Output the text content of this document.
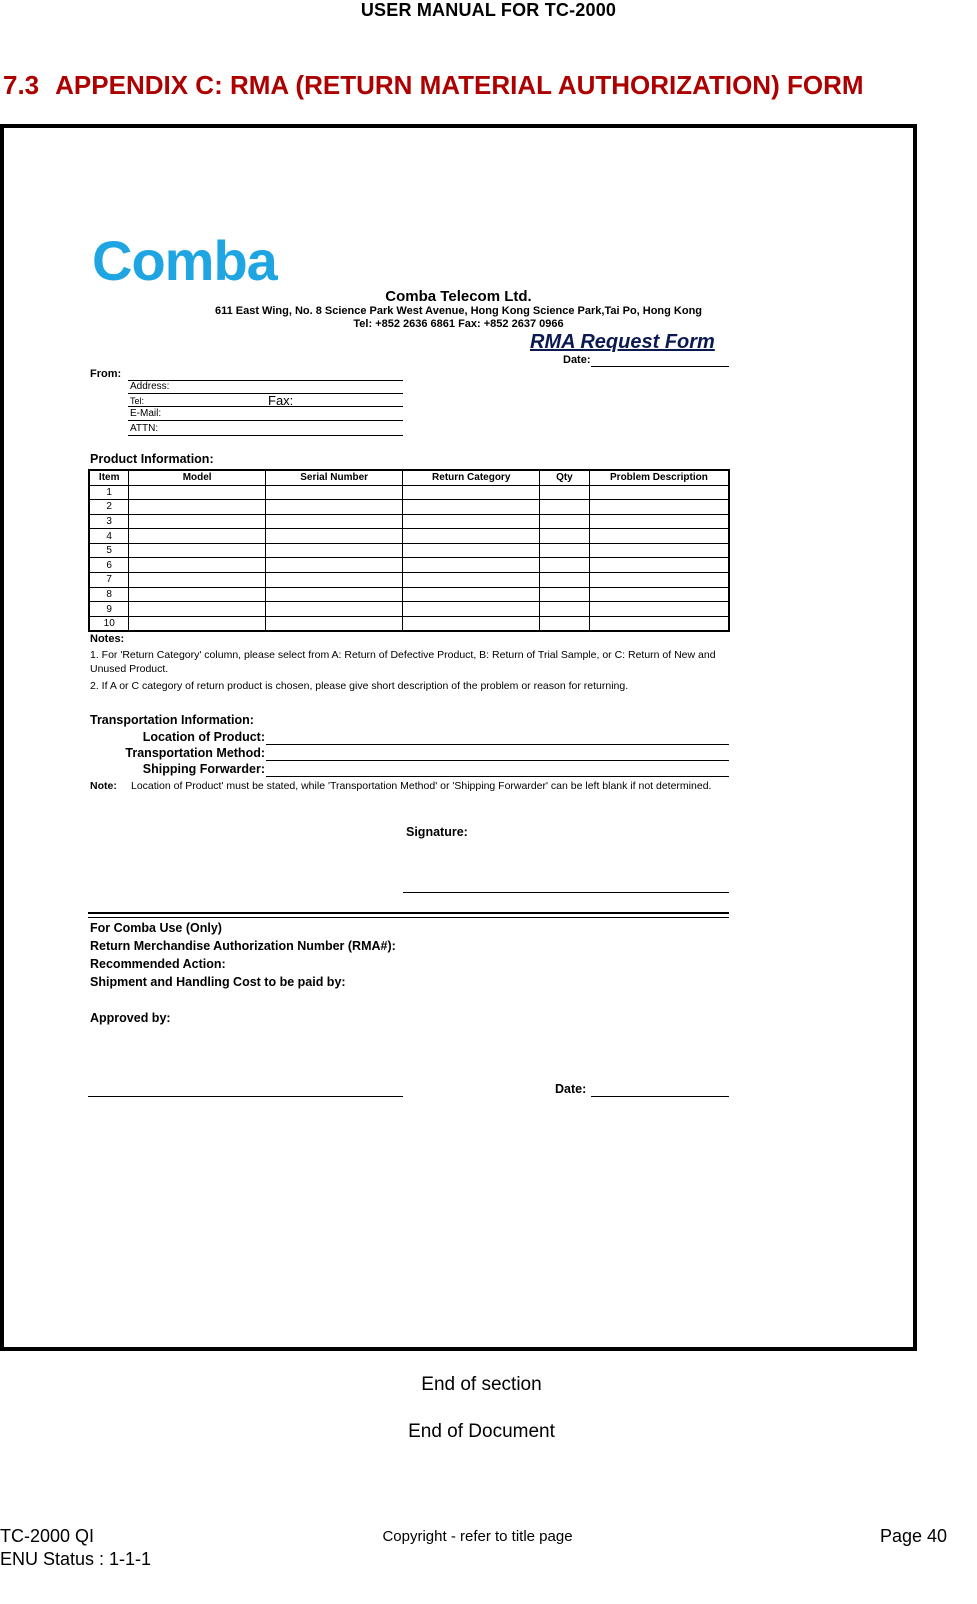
USER MANUAL FOR TC-2000
7.3 APPENDIX C: RMA (RETURN MATERIAL AUTHORIZATION) FORM
Comba
Comba Telecom Ltd.
611 East Wing, No. 8 Science Park West Avenue, Hong Kong Science Park,Tai Po, Hong Kong
Tel: +852 2636 6861 Fax: +852 2637 0966
RMA Request Form
Date:
From:
Address:
Tel:	Fax:
E-Mail:
ATTN:
Product Information:
Item	Model	Serial Number	Return Category	Qty	Problem Description
1					
2					
3					
4					
5					
6					
7					
8					
9					
10					
Notes:
1. For 'Return Category' column, please select from A: Return of Defective Product, B: Return of Trial Sample, or C: Return of New and Unused Product.
2. If A or C category of return product is chosen, please give short description of the problem or reason for returning.
Transportation Information:
Location of Product:
Transportation Method:
Shipping Forwarder:
Note: Location of Product' must be stated, while 'Transportation Method' or 'Shipping Forwarder' can be left blank if not determined.
Signature:
For Comba Use (Only)
Return Merchandise Authorization Number (RMA#):
Recommended Action:
Shipment and Handling Cost to be paid by:
Approved by:
Date:
End of section
End of Document
TC-2000 QI
ENU Status : 1-1-1
Copyright - refer to title page	Page 40
